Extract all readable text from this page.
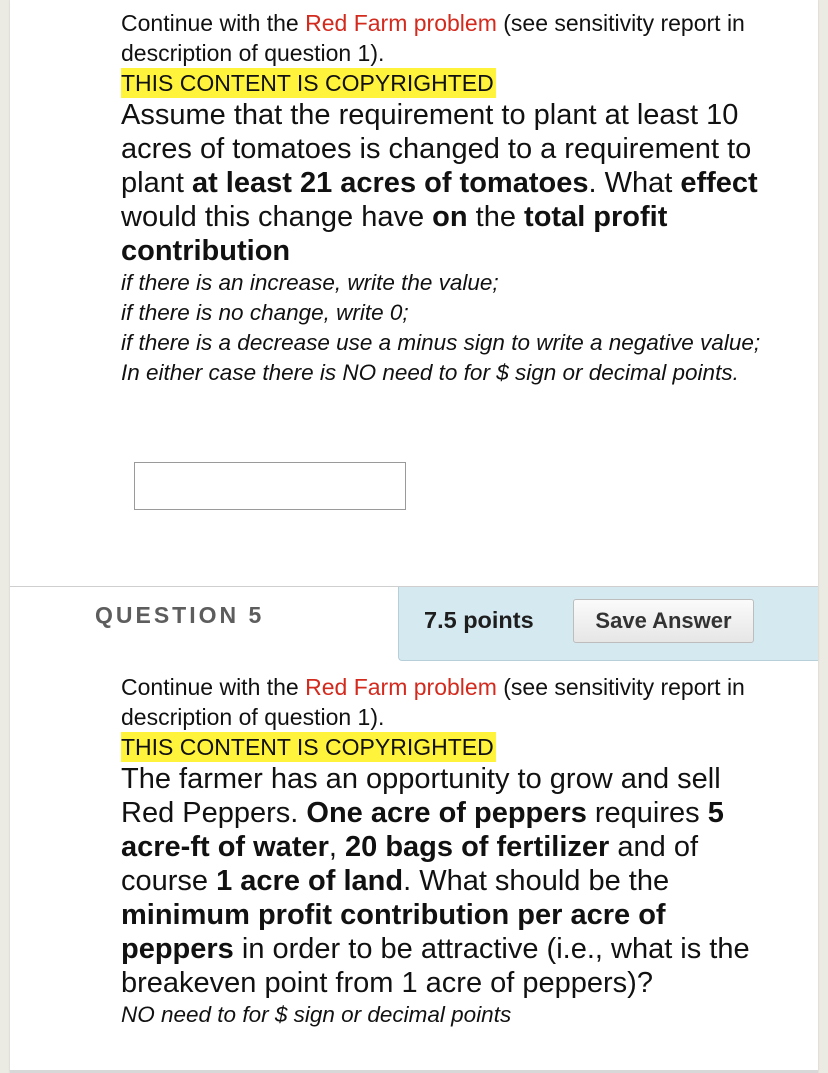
Continue with the Red Farm problem (see sensitivity report in description of question 1).
THIS CONTENT IS COPYRIGHTED
Assume that the requirement to plant at least 10 acres of tomatoes is changed to a requirement to plant at least 21 acres of tomatoes. What effect would this change have on the total profit contribution
if there is an increase, write the value;
if there is no change, write 0;
if there is a decrease use a minus sign to write a negative value;
In either case there is NO need to for $ sign or decimal points.
QUESTION 5	7.5 points	Save Answer
Continue with the Red Farm problem (see sensitivity report in description of question 1).
THIS CONTENT IS COPYRIGHTED
The farmer has an opportunity to grow and sell Red Peppers. One acre of peppers requires 5 acre-ft of water, 20 bags of fertilizer and of course 1 acre of land. What should be the minimum profit contribution per acre of peppers in order to be attractive (i.e., what is the breakeven point from 1 acre of peppers)?
NO need to for $ sign or decimal points
